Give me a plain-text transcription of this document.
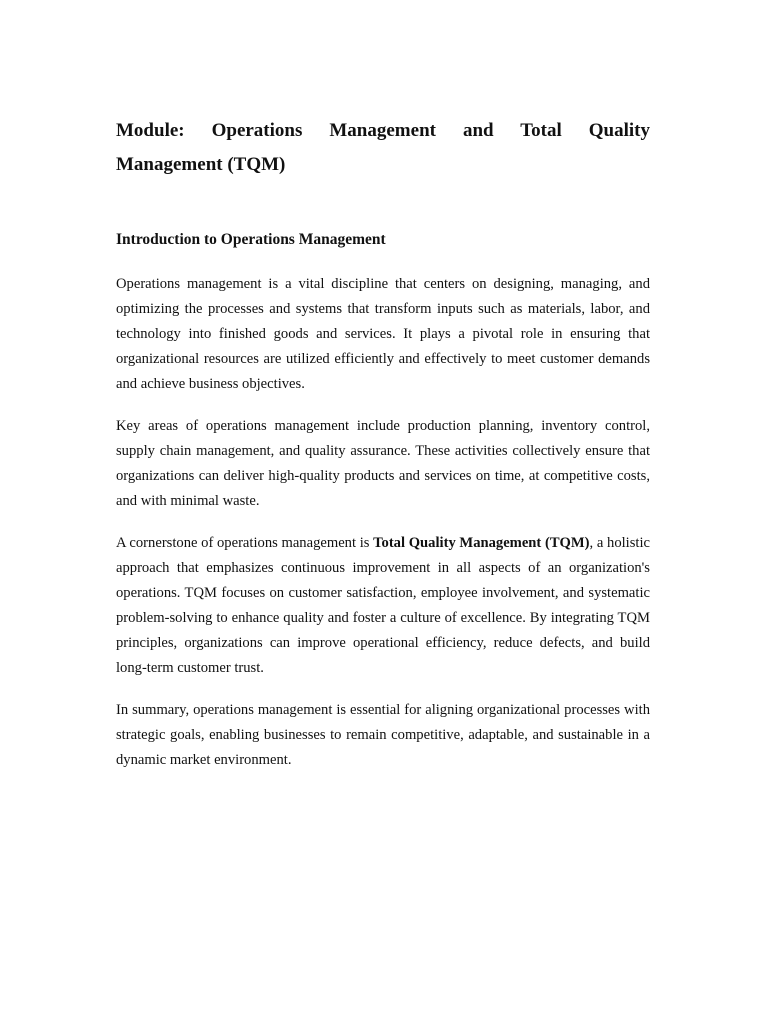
Module: Operations Management and Total Quality
Management (TQM)
Introduction to Operations Management

Operations management is a vital discipline that centers on designing, managing, and optimizing the processes and systems that transform inputs such as materials, labor, and technology into finished goods and services. It plays a pivotal role in ensuring that organizational resources are utilized efficiently and effectively to meet customer demands and achieve business objectives.

Key areas of operations management include production planning, inventory control, supply chain management, and quality assurance. These activities collectively ensure that organizations can deliver high-quality products and services on time, at competitive costs, and with minimal waste.

A cornerstone of operations management is Total Quality Management (TQM), a holistic approach that emphasizes continuous improvement in all aspects of an organization's operations. TQM focuses on customer satisfaction, employee involvement, and systematic problem-solving to enhance quality and foster a culture of excellence. By integrating TQM principles, organizations can improve operational efficiency, reduce defects, and build long-term customer trust.

In summary, operations management is essential for aligning organizational processes with strategic goals, enabling businesses to remain competitive, adaptable, and sustainable in a dynamic market environment.
